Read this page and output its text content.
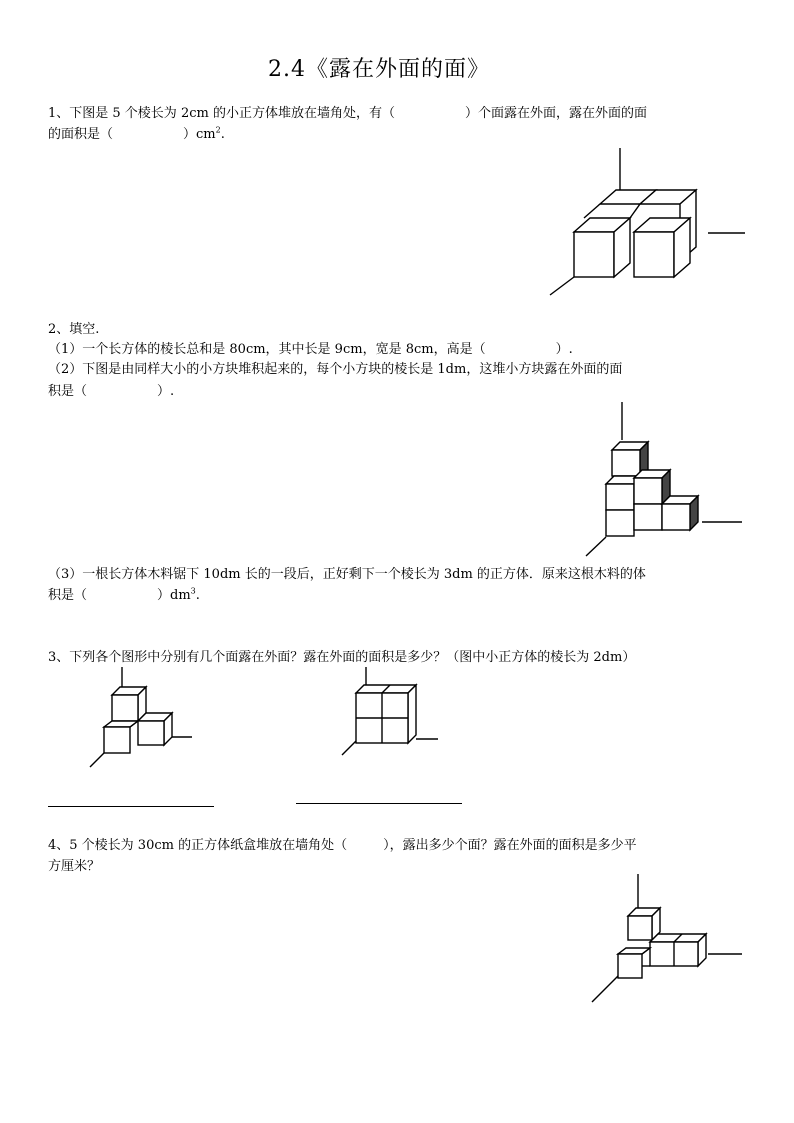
2.4《露在外面的面》
1、下图是 5 个棱长为 2cm 的小正方体堆放在墙角处，有（	）个面露在外面，露在外面的面
的面积是（	）$cm^2$.
2、填空.
（1）一个长方体的棱长总和是 80cm，其中长是 9cm，宽是 8cm，高是（	）.
（2）下图是由同样大小的小方块堆积起来的，每个小方块的棱长是 1dm，这堆小方块露在外面的面
积是（	）.
（3）一根长方体木料锯下 10dm 长的一段后，正好剩下一个棱长为 3dm 的正方体．原来这根木料的体
积是（	）$dm^3$.
3、下列各个图形中分别有几个面露在外面？露在外面的面积是多少？（图中小正方体的棱长为 2dm）
4、5 个棱长为 30cm 的正方体纸盒堆放在墙角处（	），露出多少个面？露在外面的面积是多少平
方厘米？
